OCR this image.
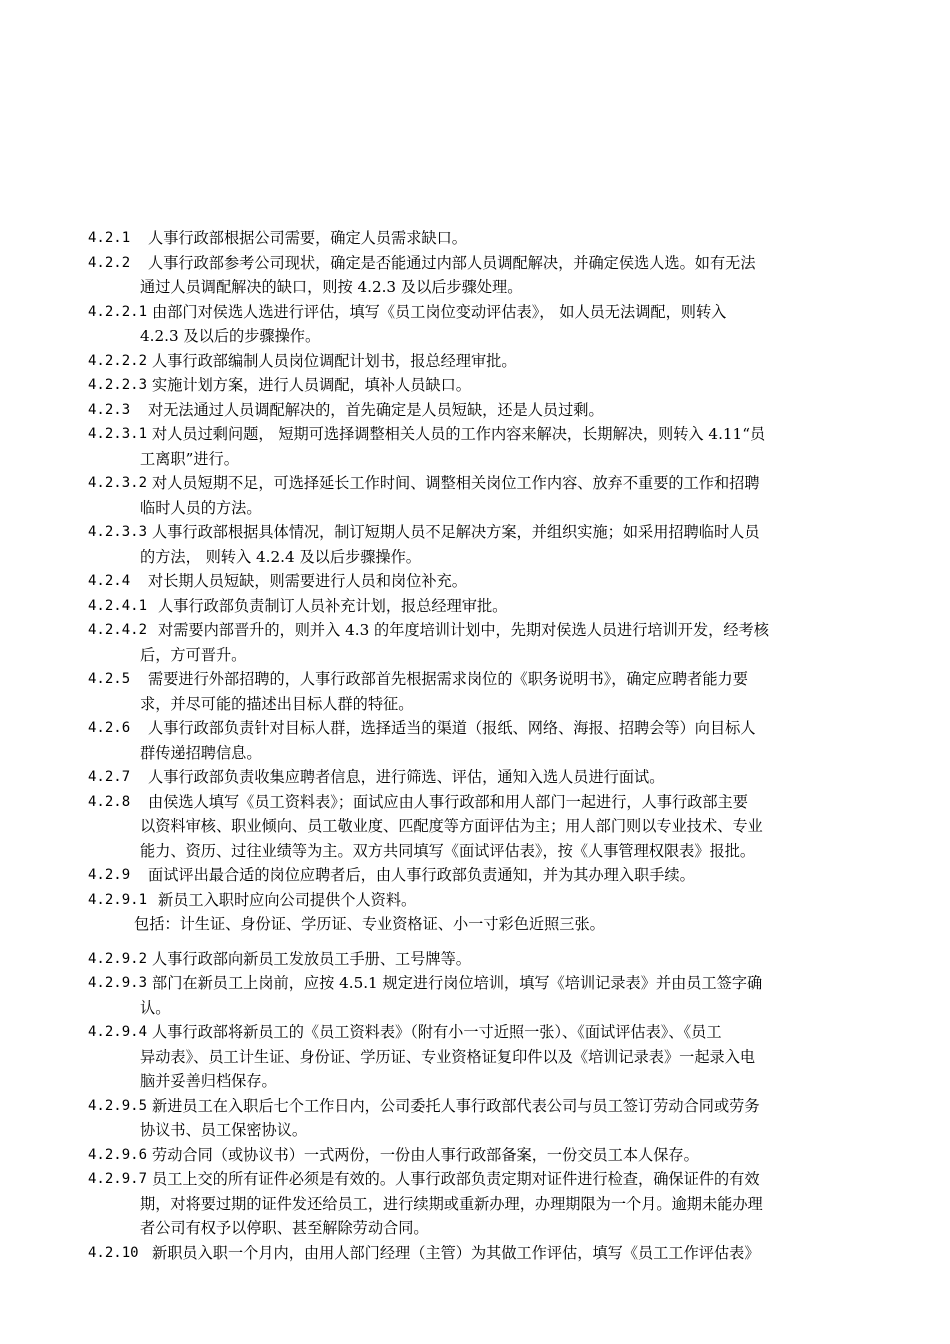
4.2.1	人事行政部根据公司需要，确定人员需求缺口。
4.2.2	人事行政部参考公司现状，确定是否能通过内部人员调配解决，并确定侯选人选。如有无法
通过人员调配解决的缺口，则按 4.2.3 及以后步骤处理。
4.2.2.1 由部门对侯选人选进行评估，填写《员工岗位变动评估表》， 如人员无法调配，则转入
4.2.3 及以后的步骤操作。
4.2.2.2 人事行政部编制人员岗位调配计划书，报总经理审批。
4.2.2.3 实施计划方案，进行人员调配，填补人员缺口。
4.2.3	对无法通过人员调配解决的，首先确定是人员短缺，还是人员过剩。
4.2.3.1 对人员过剩问题， 短期可选择调整相关人员的工作内容来解决，长期解决，则转入 4.11“员
工离职”进行。
4.2.3.2 对人员短期不足，可选择延长工作时间、调整相关岗位工作内容、放弃不重要的工作和招聘
临时人员的方法。
4.2.3.3 人事行政部根据具体情况，制订短期人员不足解决方案，并组织实施；如采用招聘临时人员
的方法， 则转入 4.2.4 及以后步骤操作。
4.2.4	对长期人员短缺，则需要进行人员和岗位补充。
4.2.4.1 人事行政部负责制订人员补充计划，报总经理审批。
4.2.4.2 对需要内部晋升的，则并入 4.3 的年度培训计划中，先期对侯选人员进行培训开发，经考核
后，方可晋升。
4.2.5	需要进行外部招聘的，人事行政部首先根据需求岗位的《职务说明书》，确定应聘者能力要
求，并尽可能的描述出目标人群的特征。
4.2.6	人事行政部负责针对目标人群，选择适当的渠道（报纸、网络、海报、招聘会等）向目标人
群传递招聘信息。
4.2.7	人事行政部负责收集应聘者信息，进行筛选、评估，通知入选人员进行面试。
4.2.8	由侯选人填写《员工资料表》；面试应由人事行政部和用人部门一起进行，人事行政部主要
以资料审核、职业倾向、员工敬业度、匹配度等方面评估为主；用人部门则以专业技术、专业
能力、资历、过往业绩等为主。双方共同填写《面试评估表》，按《人事管理权限表》报批。
4.2.9	面试评出最合适的岗位应聘者后，由人事行政部负责通知，并为其办理入职手续。
4.2.9.1 新员工入职时应向公司提供个人资料。
包括：计生证、身份证、学历证、专业资格证、小一寸彩色近照三张。
4.2.9.2 人事行政部向新员工发放员工手册、工号牌等。
4.2.9.3 部门在新员工上岗前，应按 4.5.1 规定进行岗位培训，填写《培训记录表》并由员工签字确
认。
4.2.9.4 人事行政部将新员工的《员工资料表》（附有小一寸近照一张）、《面试评估表》、《员工
异动表》、员工计生证、身份证、学历证、专业资格证复印件以及《培训记录表》一起录入电
脑并妥善归档保存。
4.2.9.5 新进员工在入职后七个工作日内，公司委托人事行政部代表公司与员工签订劳动合同或劳务
协议书、员工保密协议。
4.2.9.6 劳动合同（或协议书）一式两份，一份由人事行政部备案，一份交员工本人保存。
4.2.9.7 员工上交的所有证件必须是有效的。人事行政部负责定期对证件进行检查，确保证件的有效
期，对将要过期的证件发还给员工，进行续期或重新办理，办理期限为一个月。逾期未能办理
者公司有权予以停职、甚至解除劳动合同。
4.2.10 新职员入职一个月内，由用人部门经理（主管）为其做工作评估，填写《员工工作评估表》
